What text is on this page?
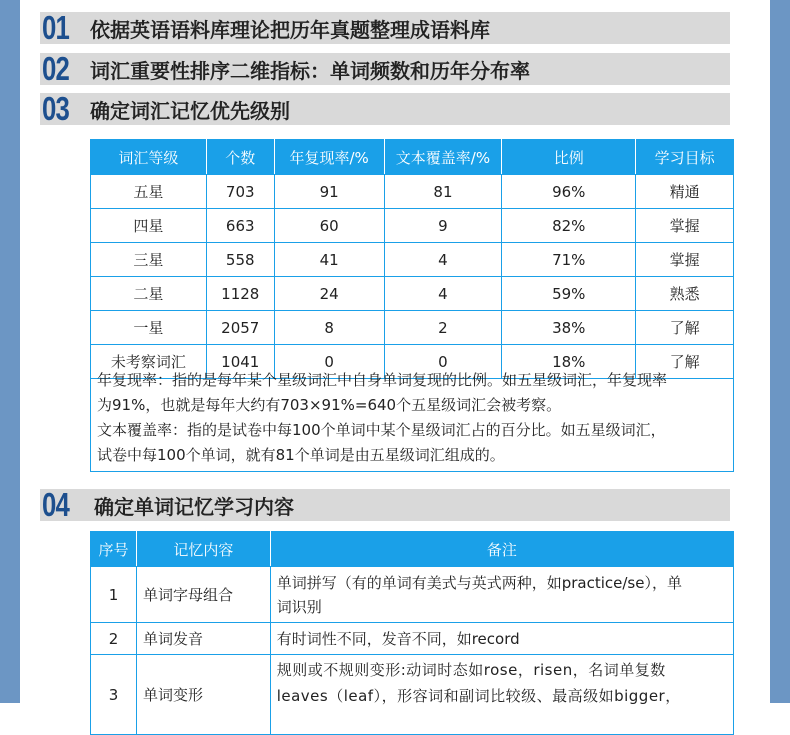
01 依据英语语料库理论把历年真题整理成语料库
02 词汇重要性排序二维指标：单词频数和历年分布率
03 确定词汇记忆优先级别
词汇等级	个数	年复现率/%	文本覆盖率/%	比例	学习目标
五星	703	91	81	96%	精通
四星	663	60	9	82%	掌握
三星	558	41	4	71%	掌握
二星	1128	24	4	59%	熟悉
一星	2057	8	2	38%	了解
未考察词汇	1041	0	0	18%	了解
年复现率：指的是每年某个星级词汇中自身单词复现的比例。如五星级词汇，年复现率
为91%，也就是每年大约有703×91%=640个五星级词汇会被考察。
文本覆盖率：指的是试卷中每100个单词中某个星级词汇占的百分比。如五星级词汇，
试卷中每100个单词，就有81个单词是由五星级词汇组成的。
04 确定单词记忆学习内容
序号	记忆内容	备注
1	单词字母组合	单词拼写（有的单词有美式与英式两种，如practice/se），单
词识别

2	单词发音	有时词性不同，发音不同，如record

3	单词变形	规则或不规则变形:动词时态如rose，risen，名词单复数
leaves（leaf），形容词和副词比较级、最高级如bigger，
